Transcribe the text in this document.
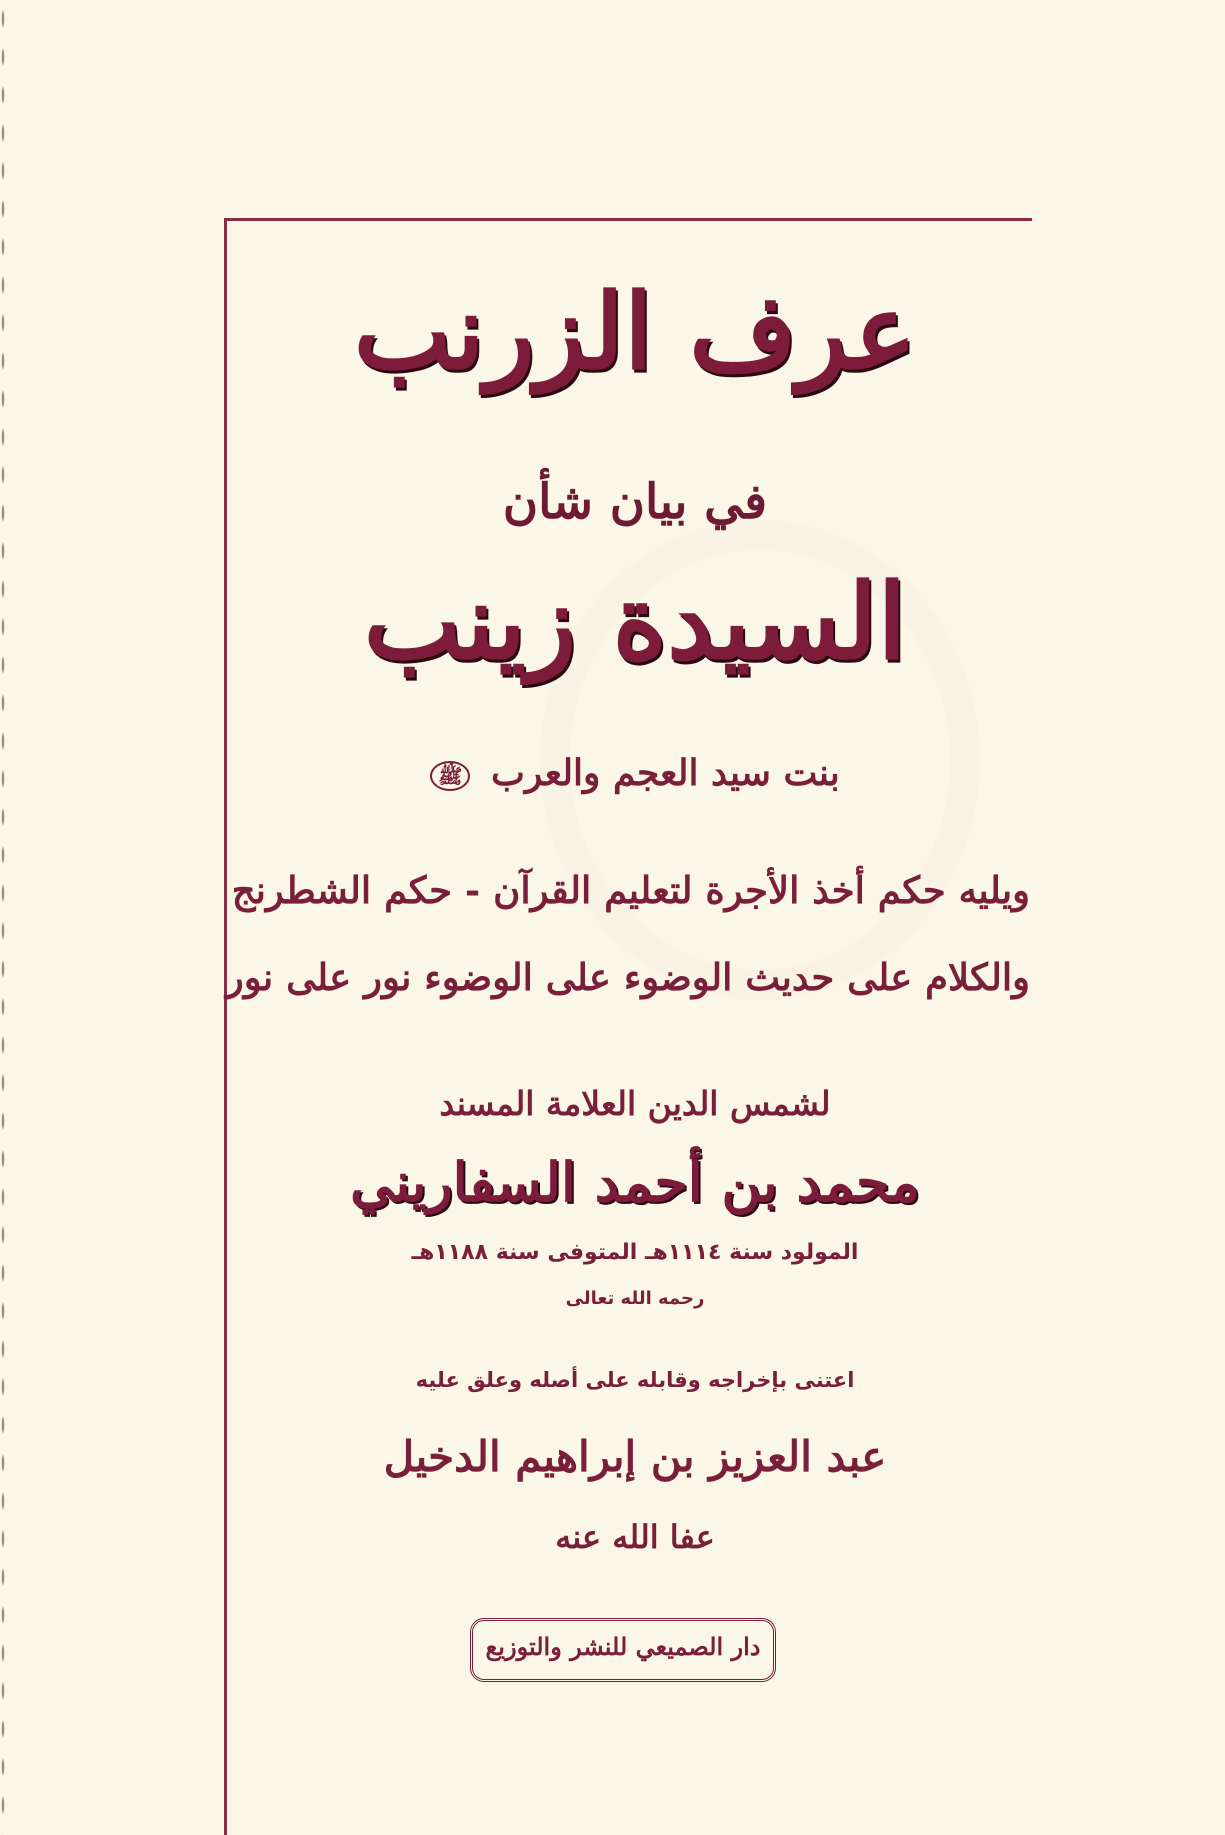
عرف الزرنب
في بيان شأن
السيدة زينب
بنت سيد العجم والعرب ﷺ
ويليه حكم أخذ الأجرة لتعليم القرآن - حكم الشطرنج
والكلام على حديث الوضوء على الوضوء نور على نور
لشمس الدين العلامة المسند
محمد بن أحمد السفاريني
المولود سنة ١١١٤هـ المتوفى سنة ١١٨٨هـ
رحمه الله تعالى
اعتنى بإخراجه وقابله على أصله وعلق عليه
عبد العزيز بن إبراهيم الدخيل
عفا الله عنه
دار الصميعي للنشر والتوزيع
